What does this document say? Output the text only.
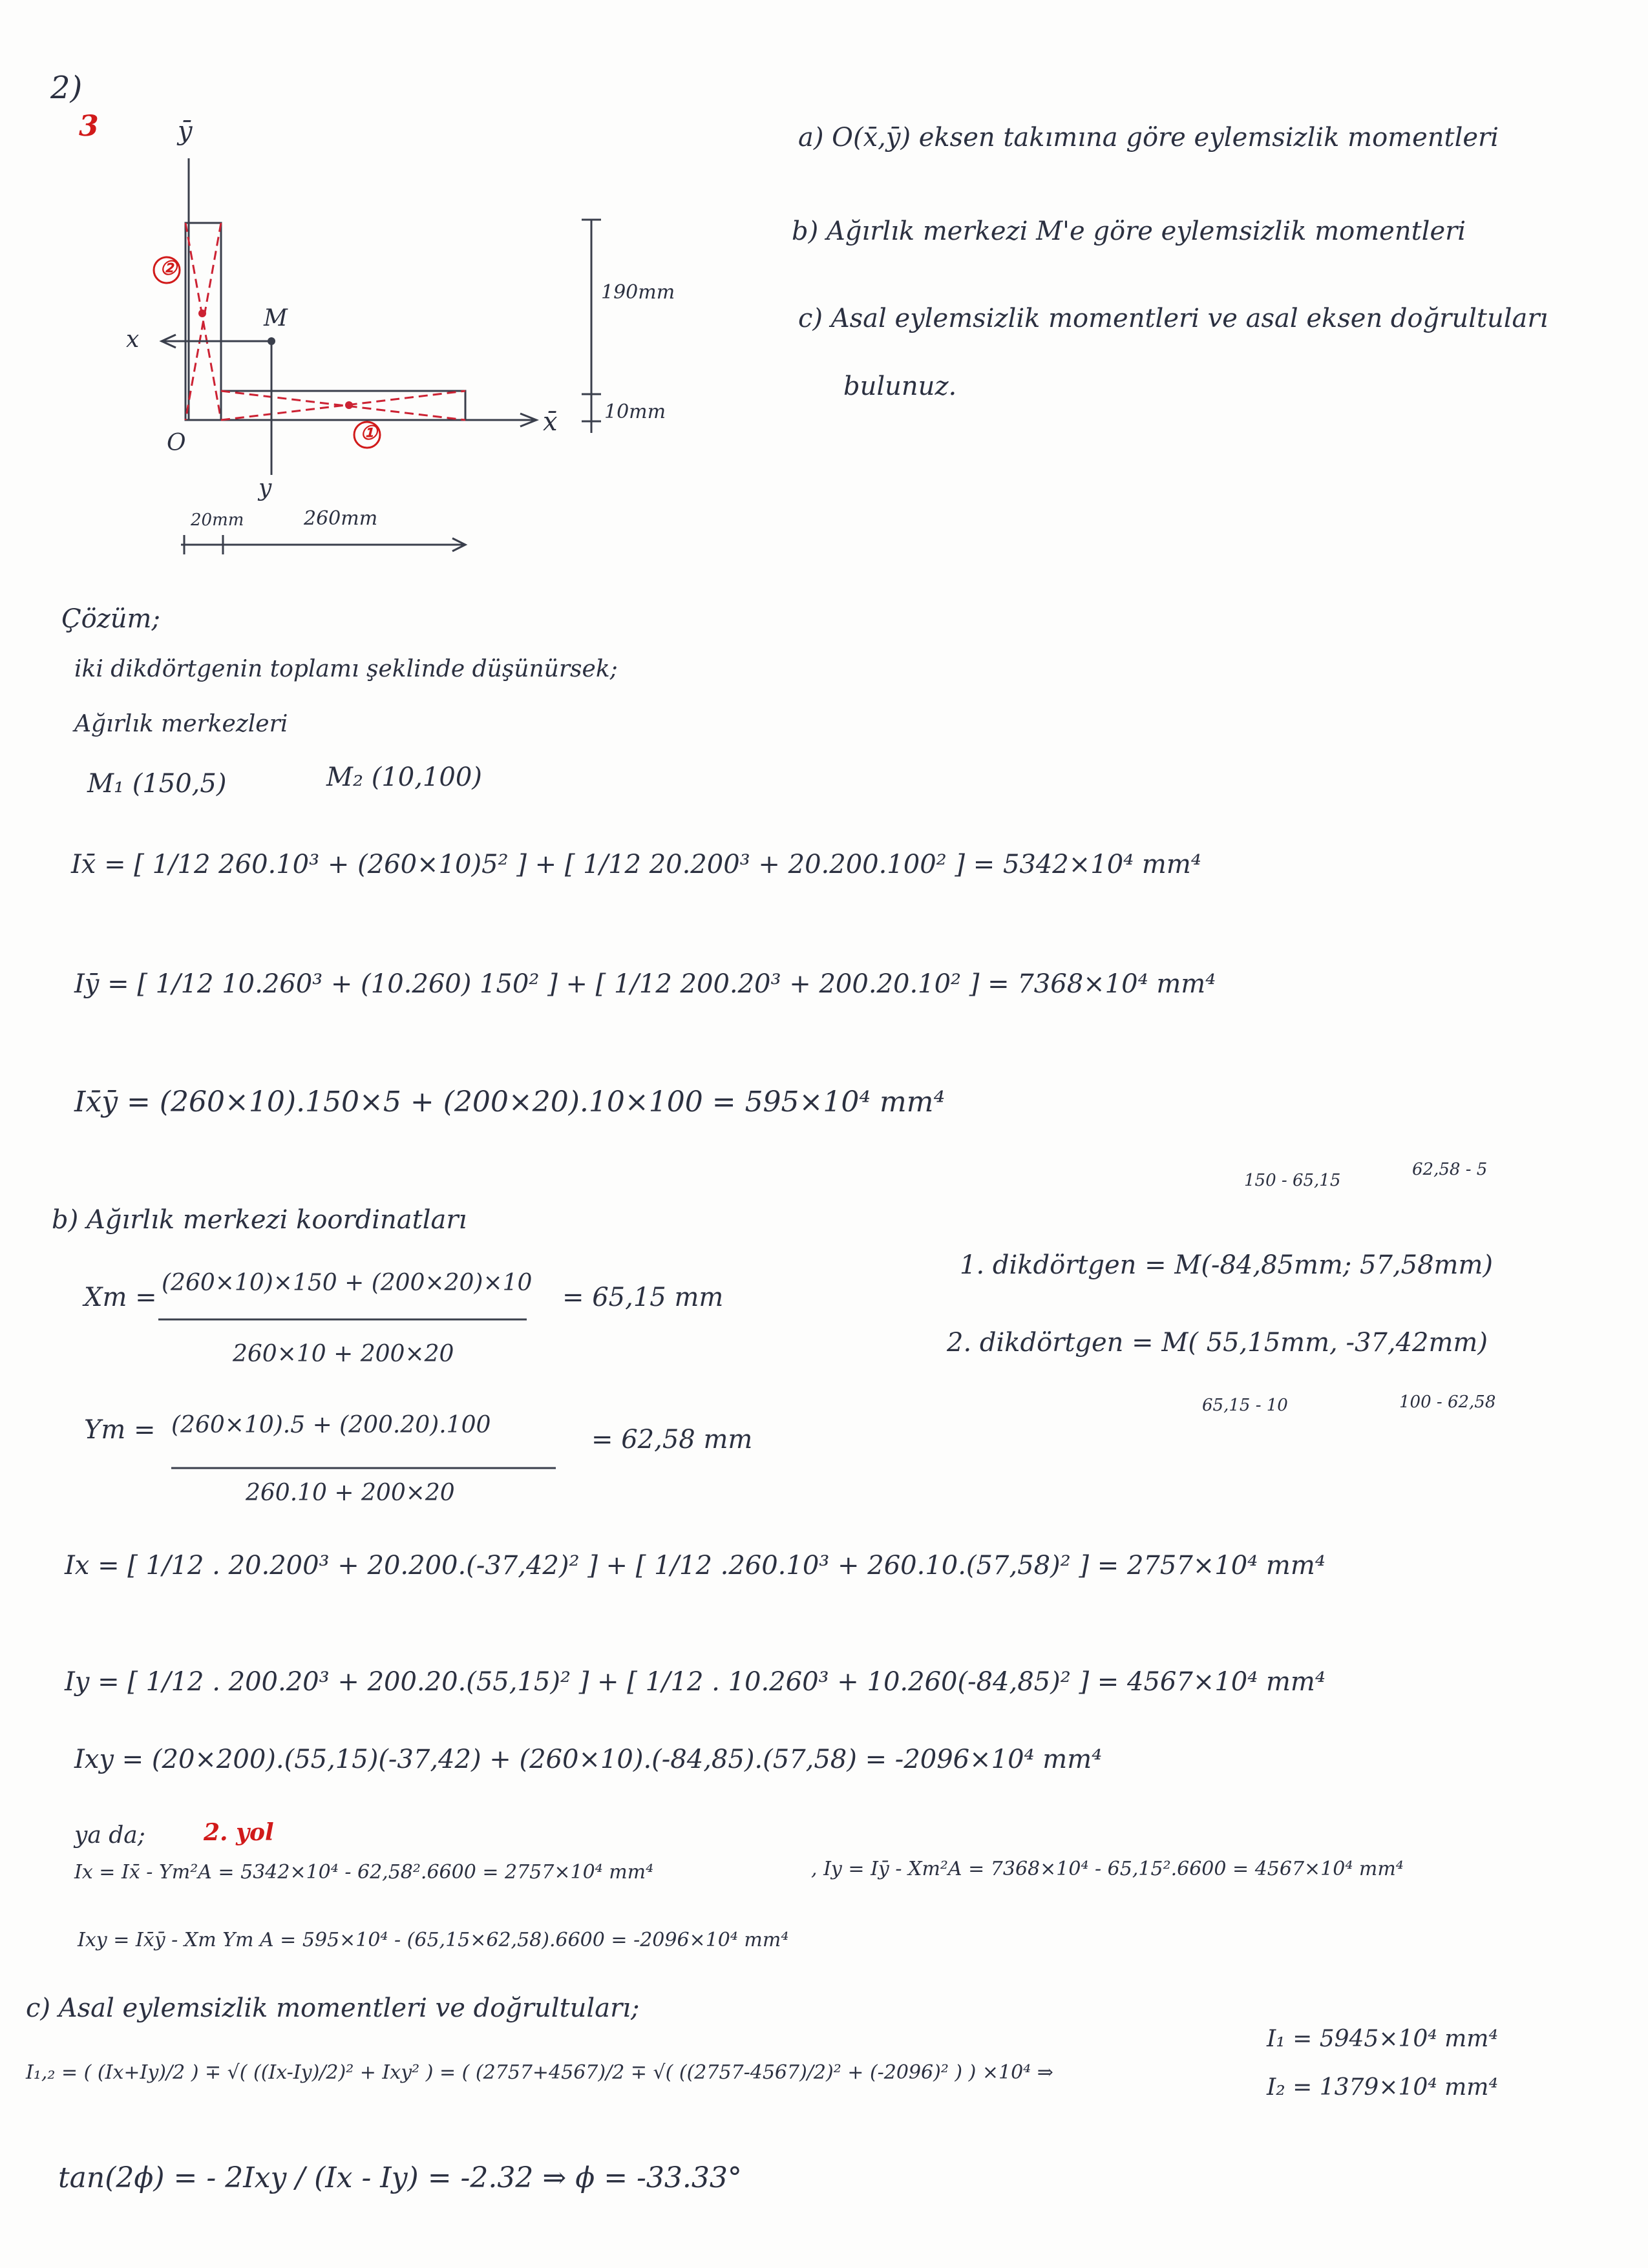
2)
3	ȳ
x̄
x
y
O
M
②
①
190mm
10mm
20mm	260mm
a) O(x̄,ȳ) eksen takımına göre eylemsizlik momentleri
b) Ağırlık merkezi M'e göre eylemsizlik momentleri
c) Asal eylemsizlik momentleri ve asal eksen doğrultuları
bulunuz.
Çözüm;
iki dikdörtgenin toplamı şeklinde düşünürsek;
Ağırlık merkezleri
M₁ (150,5)	M₂ (10,100)
Ix̄ = [ 1/12 260.10³ + (260×10)5² ] + [ 1/12 20.200³ + 20.200.100² ] = 5342×10⁴ mm⁴
Iȳ = [ 1/12 10.260³ + (10.260) 150² ] + [ 1/12 200.20³ + 200.20.10² ] = 7368×10⁴ mm⁴
Ix̄ȳ = (260×10).150×5 + (200×20).10×100 = 595×10⁴ mm⁴
b) Ağırlık merkezi koordinatları
Xm = (260×10)×150 + (200×20)×10
260×10 + 200×20
= 65,15 mm
Ym = (260×10).5 + (200.20).100
260.10 + 200×20
= 62,58 mm
150 - 65,15
62,58 - 5
1. dikdörtgen = M(-84,85mm; 57,58mm)
2. dikdörtgen = M( 55,15mm, -37,42mm)
65,15 - 10	100 - 62,58
Ix = [ 1/12 . 20.200³ + 20.200.(-37,42)² ] + [ 1/12 .260.10³ + 260.10.(57,58)² ] = 2757×10⁴ mm⁴
Iy = [ 1/12 . 200.20³ + 200.20.(55,15)² ] + [ 1/12 . 10.260³ + 10.260(-84,85)² ] = 4567×10⁴ mm⁴
Ixy = (20×200).(55,15)(-37,42) + (260×10).(-84,85).(57,58) = -2096×10⁴ mm⁴
ya da;	2. yol
Ix = Ix̄ - Ym²A = 5342×10⁴ - 62,58².6600 = 2757×10⁴ mm⁴	, Iy = Iȳ - Xm²A = 7368×10⁴ - 65,15².6600 = 4567×10⁴ mm⁴
Ixy = Ix̄ȳ - Xm Ym A = 595×10⁴ - (65,15×62,58).6600 = -2096×10⁴ mm⁴
c) Asal eylemsizlik momentleri ve doğrultuları;
I₁,₂ = ( (Ix+Iy)/2 ) ∓ √( ((Ix-Iy)/2)² + Ixy² ) = ( (2757+4567)/2 ∓ √( ((2757-4567)/2)² + (-2096)² ) ) ×10⁴ ⇒
I₁ = 5945×10⁴ mm⁴
I₂ = 1379×10⁴ mm⁴
tan(2ϕ) = - 2Ixy / (Ix - Iy) = -2.32 ⇒ ϕ = -33.33°
